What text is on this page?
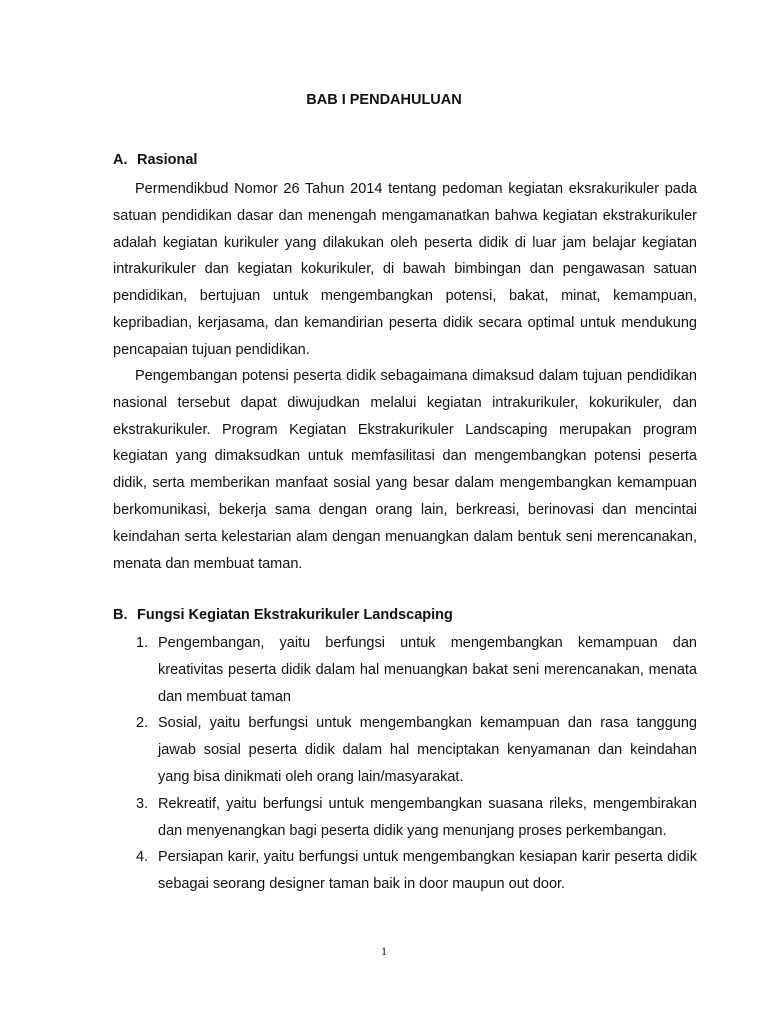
BAB I PENDAHULUAN
A. Rasional

Permendikbud Nomor 26 Tahun 2014 tentang pedoman kegiatan eksrakurikuler pada satuan pendidikan dasar dan menengah mengamanatkan bahwa kegiatan ekstrakurikuler adalah kegiatan kurikuler yang dilakukan oleh peserta didik di luar jam belajar kegiatan intrakurikuler dan kegiatan kokurikuler, di bawah bimbingan dan pengawasan satuan pendidikan, bertujuan untuk mengembangkan potensi, bakat, minat, kemampuan, kepribadian, kerjasama, dan kemandirian peserta didik secara optimal untuk mendukung pencapaian tujuan pendidikan.

Pengembangan potensi peserta didik sebagaimana dimaksud dalam tujuan pendidikan nasional tersebut dapat diwujudkan melalui kegiatan intrakurikuler, kokurikuler, dan ekstrakurikuler. Program Kegiatan Ekstrakurikuler Landscaping merupakan program kegiatan yang dimaksudkan untuk memfasilitasi dan mengembangkan potensi peserta didik, serta memberikan manfaat sosial yang besar dalam mengembangkan kemampuan berkomunikasi, bekerja sama dengan orang lain, berkreasi, berinovasi dan mencintai keindahan serta kelestarian alam dengan menuangkan dalam bentuk seni merencanakan, menata dan membuat taman.

B. Fungsi Kegiatan Ekstrakurikuler Landscaping
1. Pengembangan, yaitu berfungsi untuk mengembangkan kemampuan dan kreativitas peserta didik dalam hal menuangkan bakat seni merencanakan, menata dan membuat taman
2. Sosial, yaitu berfungsi untuk mengembangkan kemampuan dan rasa tanggung jawab sosial peserta didik dalam hal menciptakan kenyamanan dan keindahan yang bisa dinikmati oleh orang lain/masyarakat.
3. Rekreatif, yaitu berfungsi untuk mengembangkan suasana rileks, mengembirakan dan menyenangkan bagi peserta didik yang menunjang proses perkembangan.
4. Persiapan karir, yaitu berfungsi untuk mengembangkan kesiapan karir peserta didik sebagai seorang designer taman baik in door maupun out door.
1
